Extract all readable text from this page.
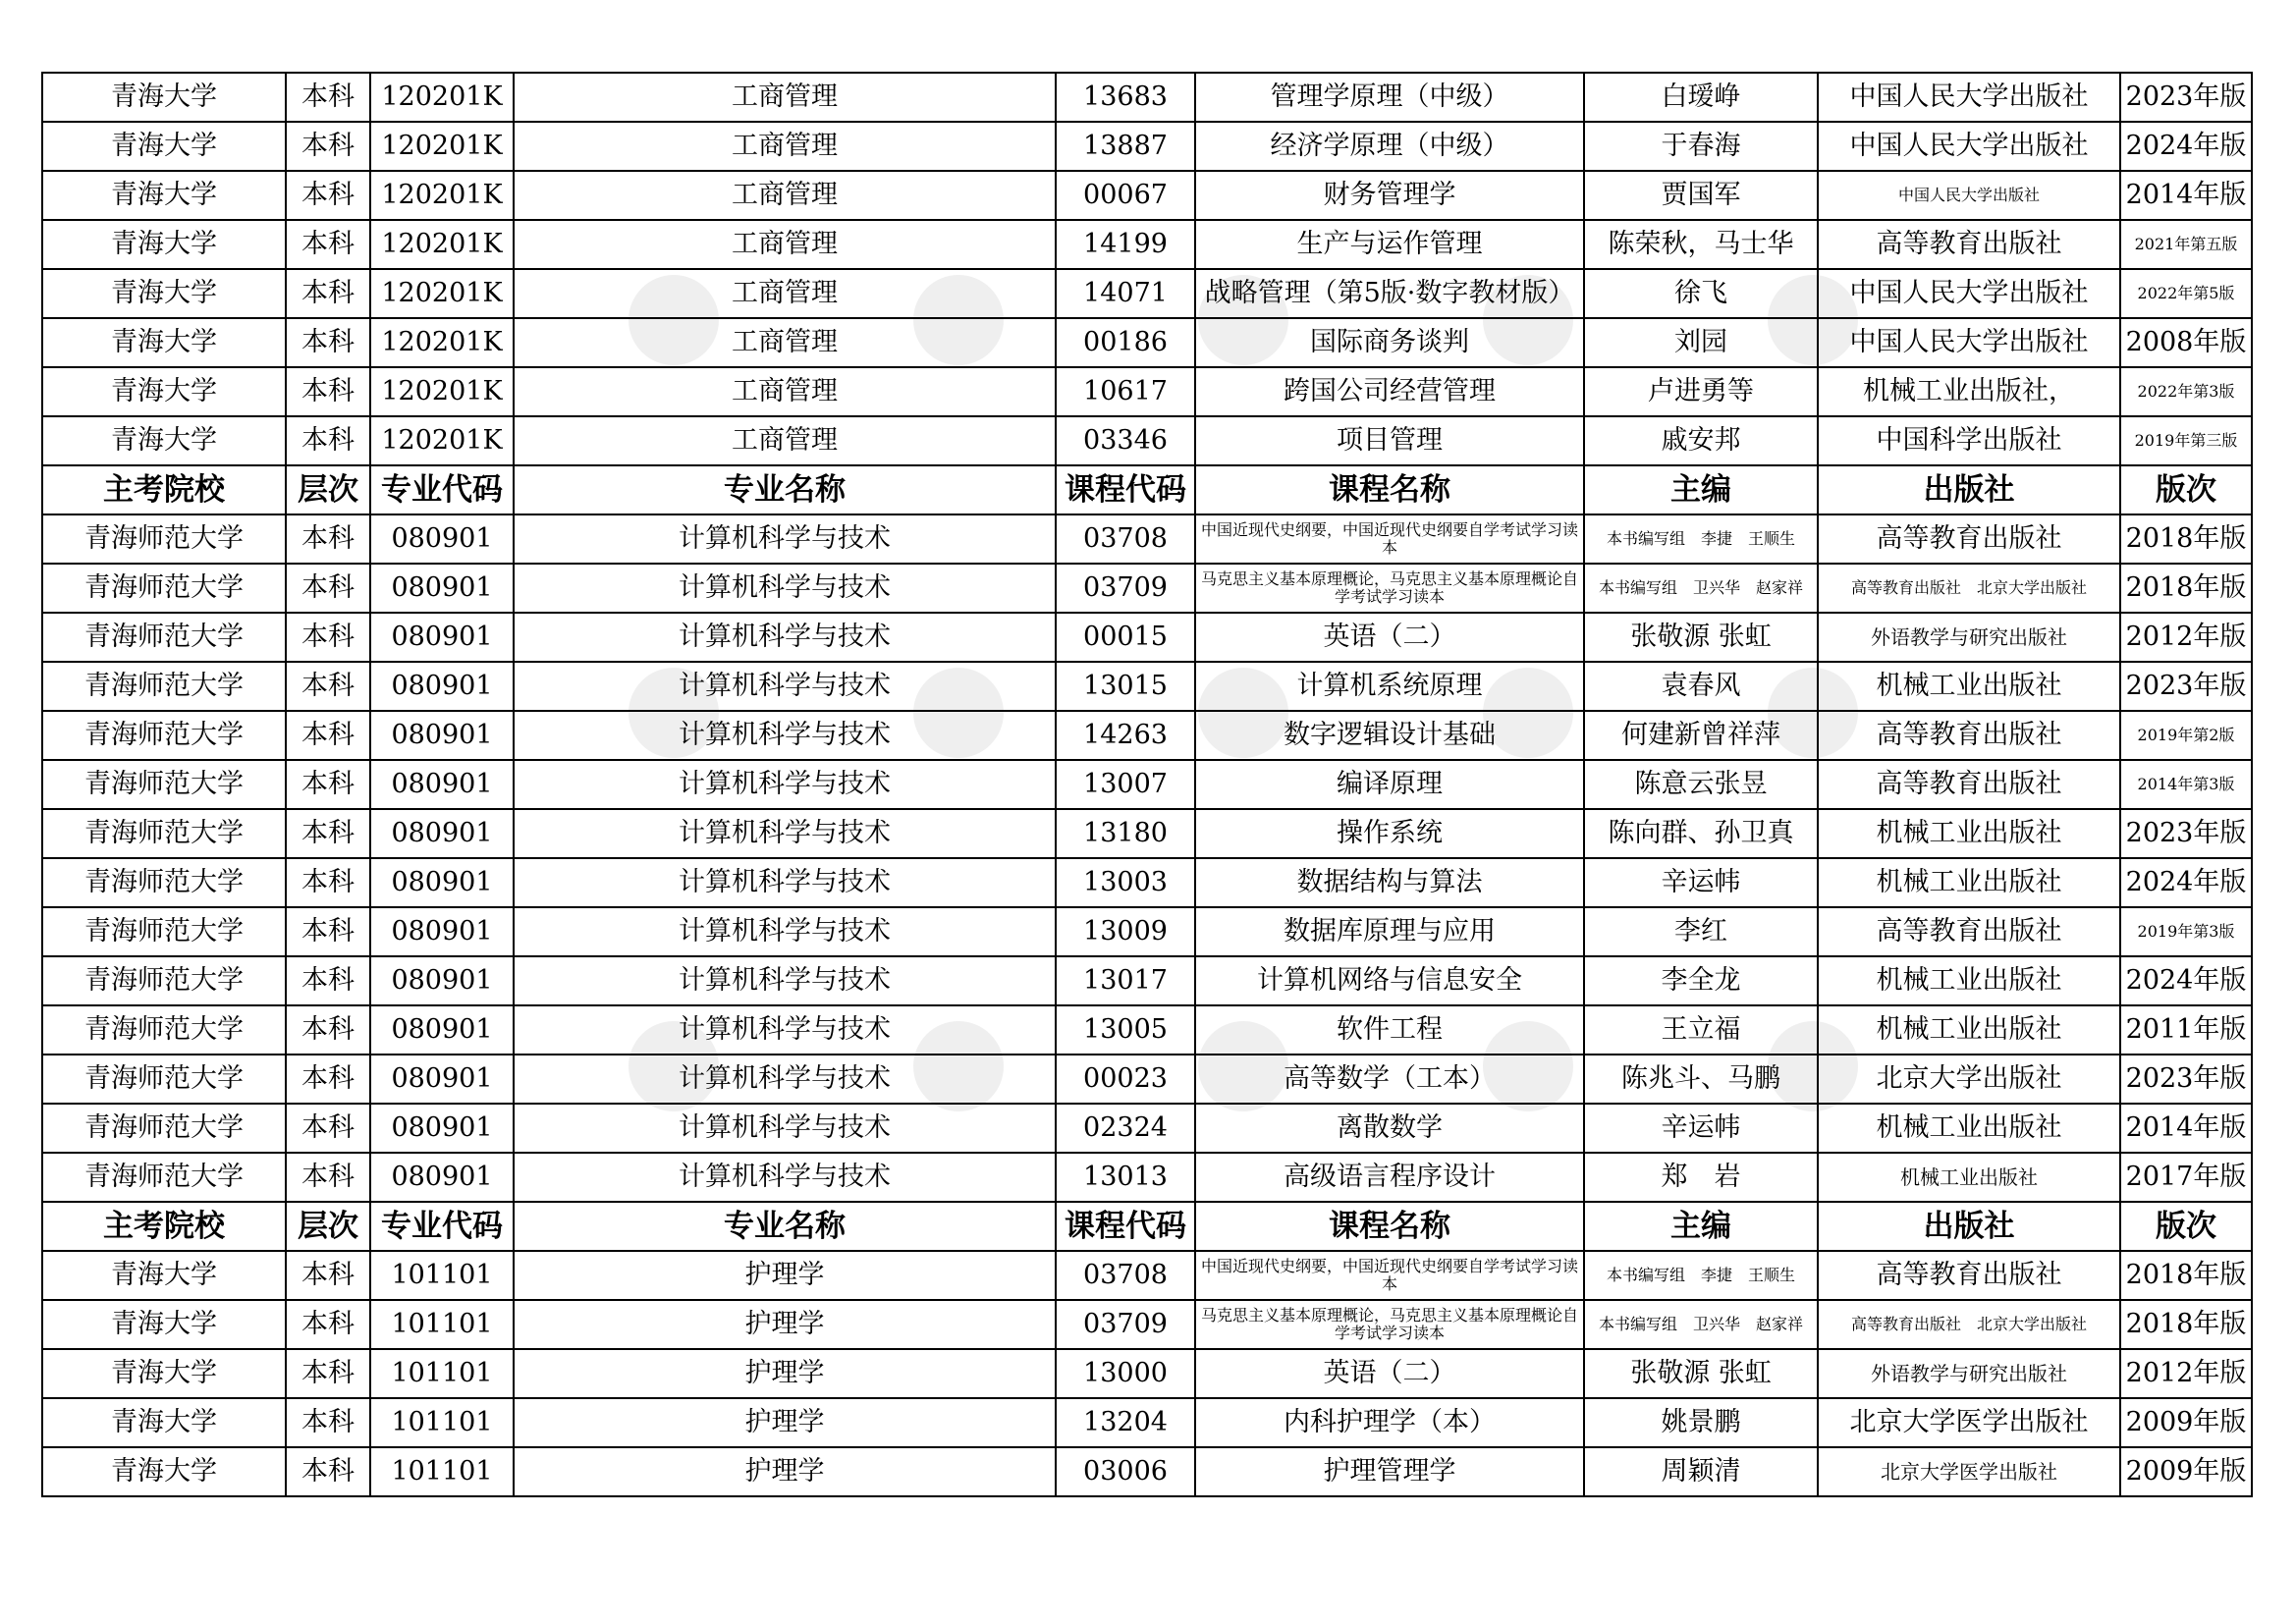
青海大学	本科	120201K	工商管理	13683	管理学原理（中级）	白瑷峥	中国人民大学出版社	2023年版
青海大学	本科	120201K	工商管理	13887	经济学原理（中级）	于春海	中国人民大学出版社	2024年版
青海大学	本科	120201K	工商管理	00067	财务管理学	贾国军	中国人民大学出版社	2014年版
青海大学	本科	120201K	工商管理	14199	生产与运作管理	陈荣秋，马士华	高等教育出版社	2021年第五版
青海大学	本科	120201K	工商管理	14071	战略管理（第5版·数字教材版）	徐飞	中国人民大学出版社	2022年第5版
青海大学	本科	120201K	工商管理	00186	国际商务谈判	刘园	中国人民大学出版社	2008年版
青海大学	本科	120201K	工商管理	10617	跨国公司经营管理	卢进勇等	机械工业出版社，	2022年第3版
青海大学	本科	120201K	工商管理	03346	项目管理	戚安邦	中国科学出版社	2019年第三版
主考院校	层次	专业代码	专业名称	课程代码	课程名称	主编	出版社	版次
青海师范大学	本科	080901	计算机科学与技术	03708	中国近现代史纲要，中国近现代史纲要自学考试学习读本	本书编写组　李捷　王顺生	高等教育出版社	2018年版
青海师范大学	本科	080901	计算机科学与技术	03709	马克思主义基本原理概论，马克思主义基本原理概论自学考试学习读本	本书编写组　卫兴华　赵家祥	高等教育出版社　北京大学出版社	2018年版
青海师范大学	本科	080901	计算机科学与技术	00015	英语（二）	张敬源 张虹	外语教学与研究出版社	2012年版
青海师范大学	本科	080901	计算机科学与技术	13015	计算机系统原理	袁春风	机械工业出版社	2023年版
青海师范大学	本科	080901	计算机科学与技术	14263	数字逻辑设计基础	何建新曾祥萍	高等教育出版社	2019年第2版
青海师范大学	本科	080901	计算机科学与技术	13007	编译原理	陈意云张昱	高等教育出版社	2014年第3版
青海师范大学	本科	080901	计算机科学与技术	13180	操作系统	陈向群、孙卫真	机械工业出版社	2023年版
青海师范大学	本科	080901	计算机科学与技术	13003	数据结构与算法	辛运帏	机械工业出版社	2024年版
青海师范大学	本科	080901	计算机科学与技术	13009	数据库原理与应用	李红	高等教育出版社	2019年第3版
青海师范大学	本科	080901	计算机科学与技术	13017	计算机网络与信息安全	李全龙	机械工业出版社	2024年版
青海师范大学	本科	080901	计算机科学与技术	13005	软件工程	王立福	机械工业出版社	2011年版
青海师范大学	本科	080901	计算机科学与技术	00023	高等数学（工本）	陈兆斗、马鹏	北京大学出版社	2023年版
青海师范大学	本科	080901	计算机科学与技术	02324	离散数学	辛运帏	机械工业出版社	2014年版
青海师范大学	本科	080901	计算机科学与技术	13013	高级语言程序设计	郑　岩	机械工业出版社	2017年版
主考院校	层次	专业代码	专业名称	课程代码	课程名称	主编	出版社	版次
青海大学	本科	101101	护理学	03708	中国近现代史纲要，中国近现代史纲要自学考试学习读本	本书编写组　李捷　王顺生	高等教育出版社	2018年版
青海大学	本科	101101	护理学	03709	马克思主义基本原理概论，马克思主义基本原理概论自学考试学习读本	本书编写组　卫兴华　赵家祥	高等教育出版社　北京大学出版社	2018年版
青海大学	本科	101101	护理学	13000	英语（二）	张敬源 张虹	外语教学与研究出版社	2012年版
青海大学	本科	101101	护理学	13204	内科护理学（本）	姚景鹏	北京大学医学出版社	2009年版
青海大学	本科	101101	护理学	03006	护理管理学	周颖清	北京大学医学出版社	2009年版
